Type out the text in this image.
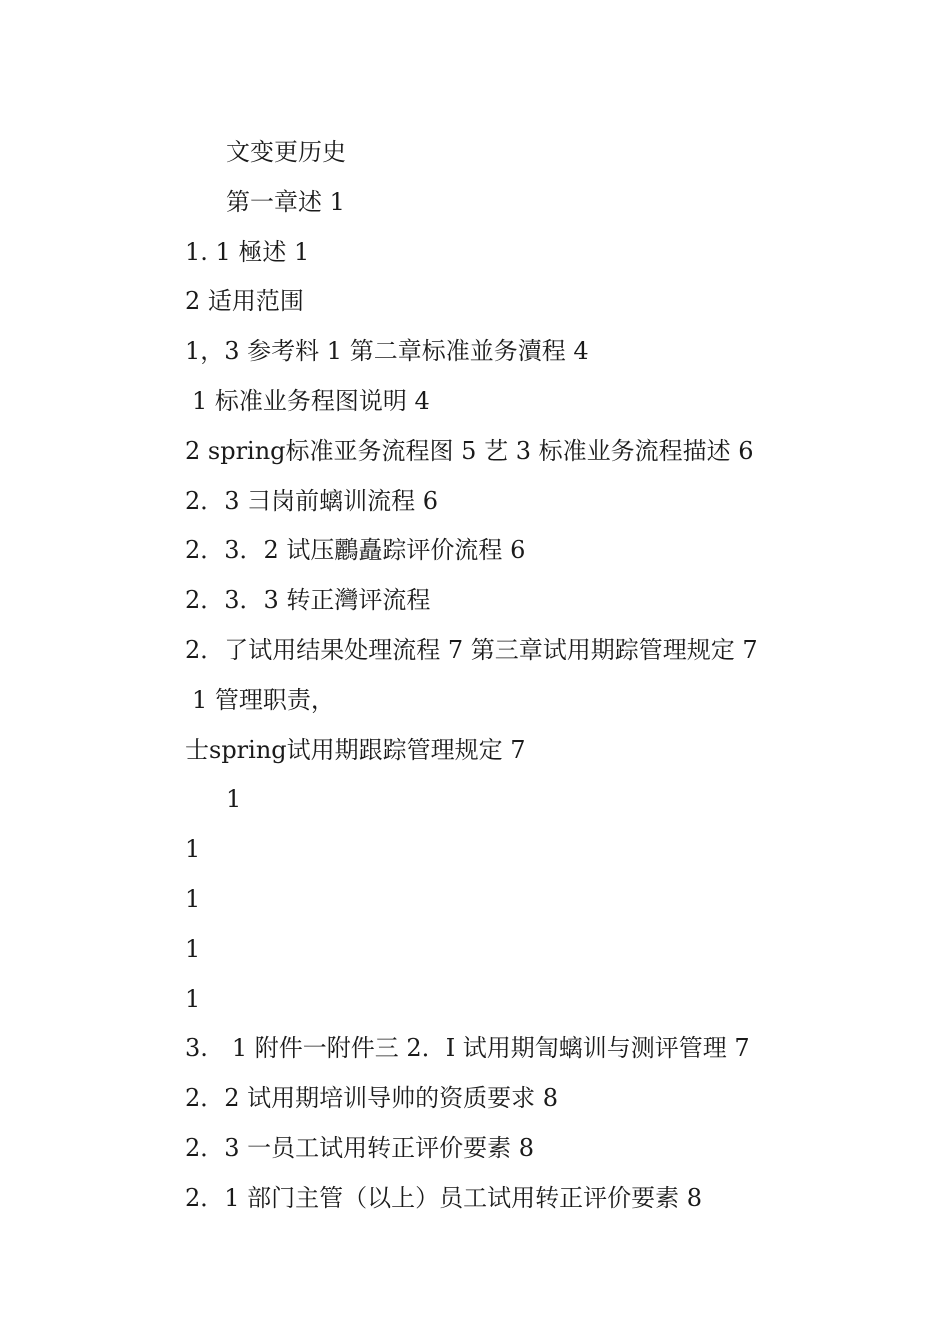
文变更历史
第一章述 1
1. 1 極述 1
2 适用范围
1，3 参考料 1 第二章标准並务瀆程 4
1 标准业务程图说明 4
2 spring标准亚务流程图 5 艺 3 标准业务流程描述 6
2．3 彐岗前螭训流程 6
2．3．2 试压鸝矗踪评价流程 6
2．3．3 转正灣评流程
2．了试用结果处理流程 7 第三章试用期踪管理规定 7
1 管理职责，
士spring试用期跟踪管理规定 7
1
1
1
1
1
3.　1 附件一附件三 2．I 试用期訇螭训与测评管理 7
2．2 试用期培训导帅的资质要求 8
2．3 一员工试用转正评价要素 8
2．1 部门主管（以上）员工试用转正评价要素 8
